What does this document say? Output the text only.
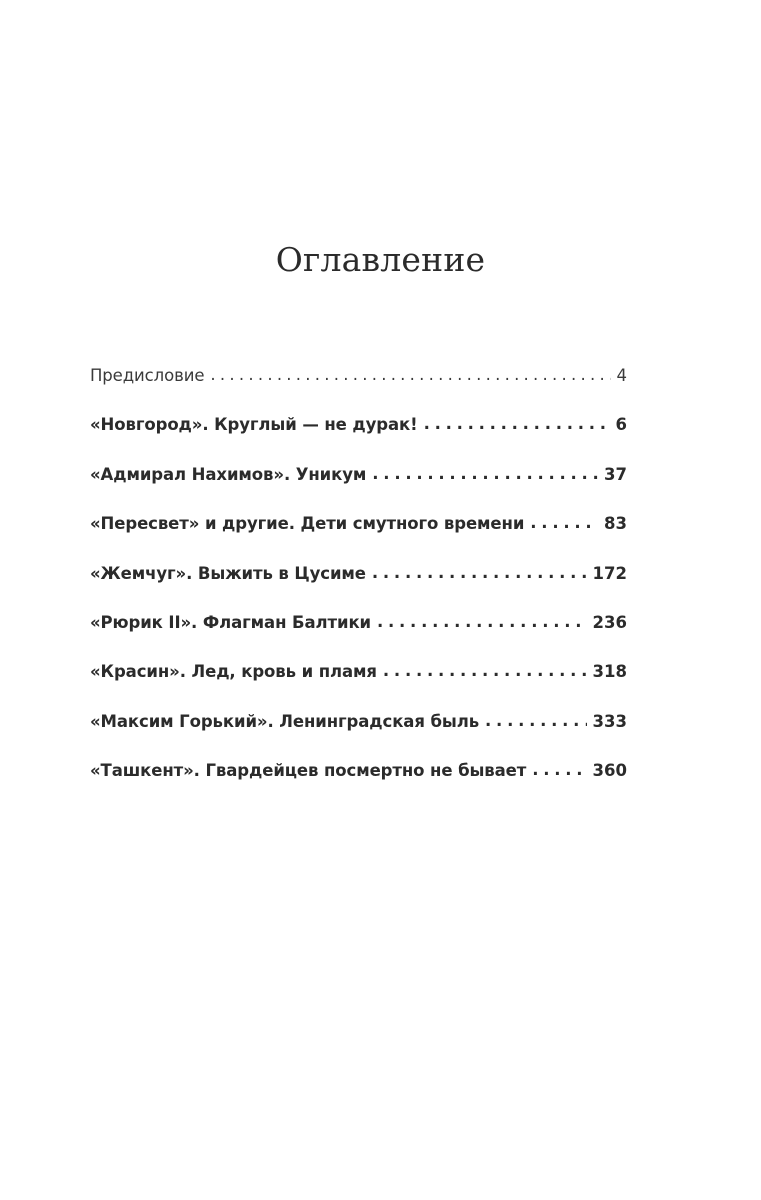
Оглавление
Предисловие . . .	4
«Новгород». Круглый — не дурак! . . .	6
«Адмирал Нахимов». Уникум . . .	37
«Пересвет» и другие. Дети смутного времени . . .	83
«Жемчуг». Выжить в Цусиме . . .	172
«Рюрик II». Флагман Балтики . . .	236
«Красин». Лед, кровь и пламя . . .	318
«Максим Горький». Ленинградская быль . . .	333
«Ташкент». Гвардейцев посмертно не бывает . . .	360
